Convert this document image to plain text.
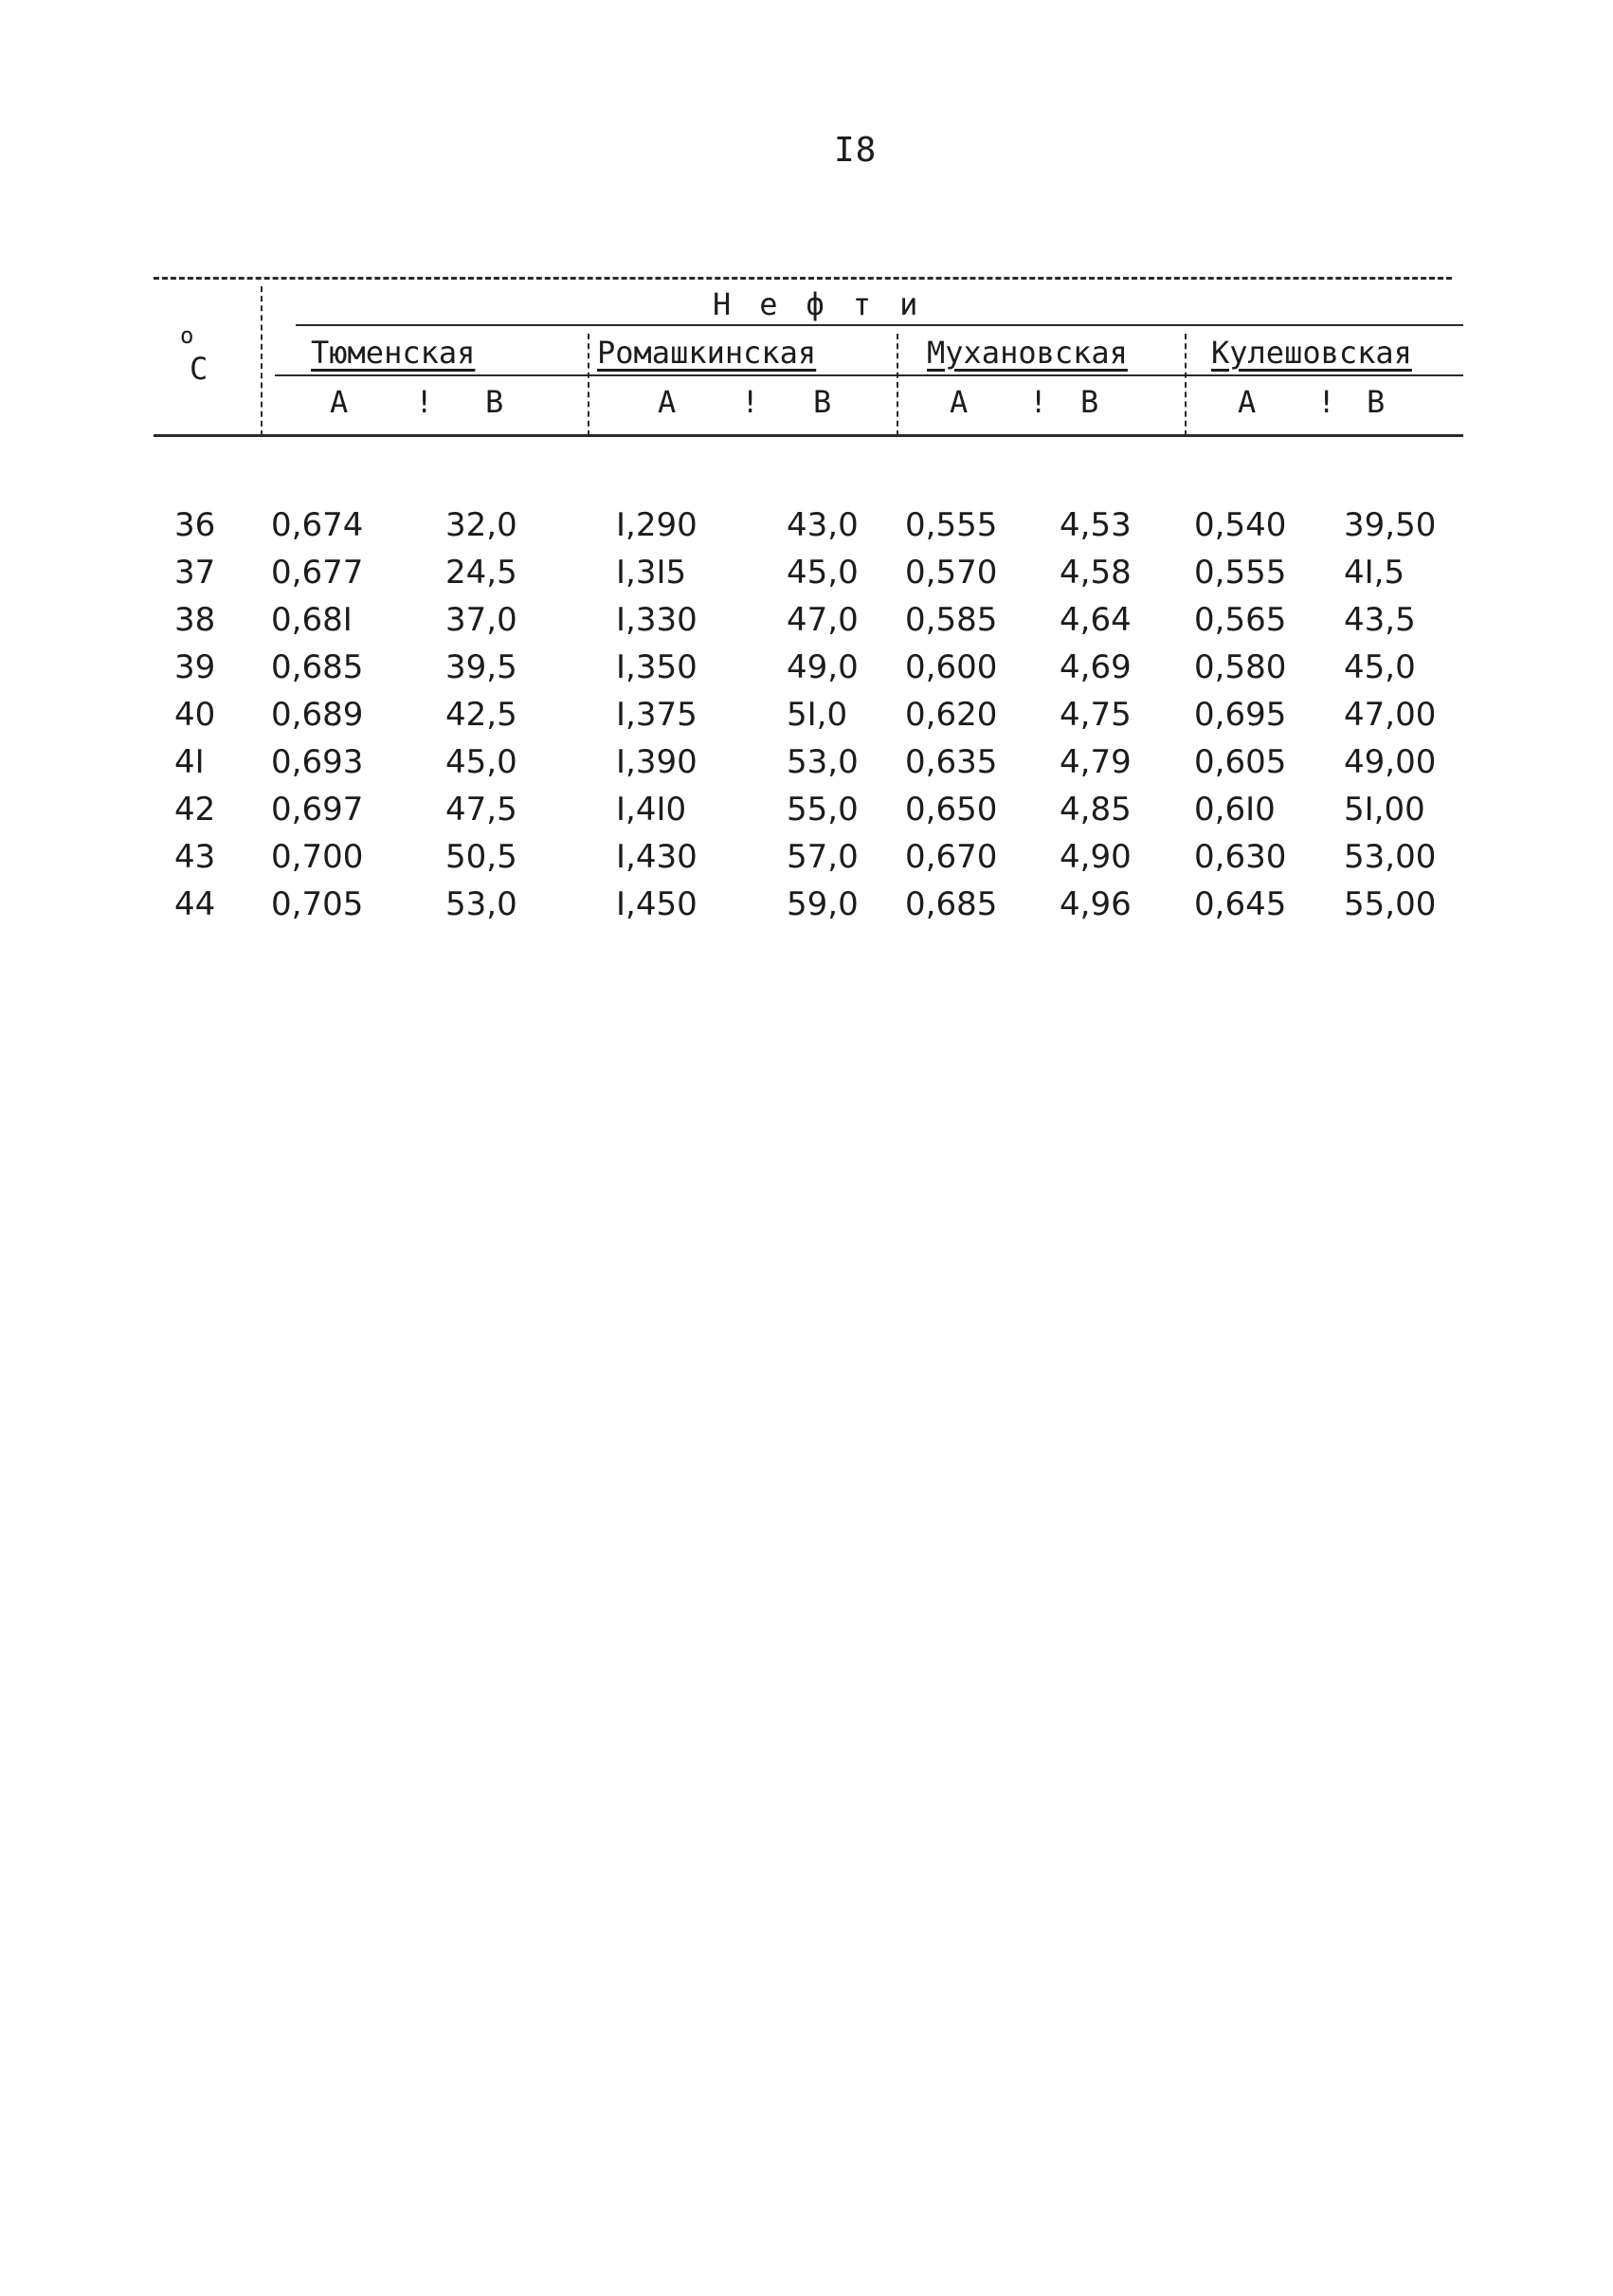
I8
Нефти
o
C	Тюменская	Ромашкинская	Мухановская	Кулешовская
А ! В	А ! В	А ! В	А ! В
36 0,674	32,0	I,290	43,0 0,555 4,53 0,540 39,50
37 0,677	24,5	I,3I5	45,0 0,570 4,58 0,555 4I,5
38 0,68I	37,0	I,330	47,0 0,585 4,64 0,565 43,5
39 0,685	39,5	I,350	49,0 0,600 4,69 0,580 45,0
40 0,689	42,5	I,375	5I,0 0,620 4,75 0,695 47,00
4I 0,693	45,0	I,390	53,0 0,635 4,79 0,605 49,00
42 0,697	47,5	I,4I0	55,0 0,650 4,85 0,6I0 5I,00
43 0,700	50,5	I,430	57,0 0,670 4,90 0,630 53,00
44 0,705	53,0	I,450	59,0 0,685 4,96 0,645 55,00
